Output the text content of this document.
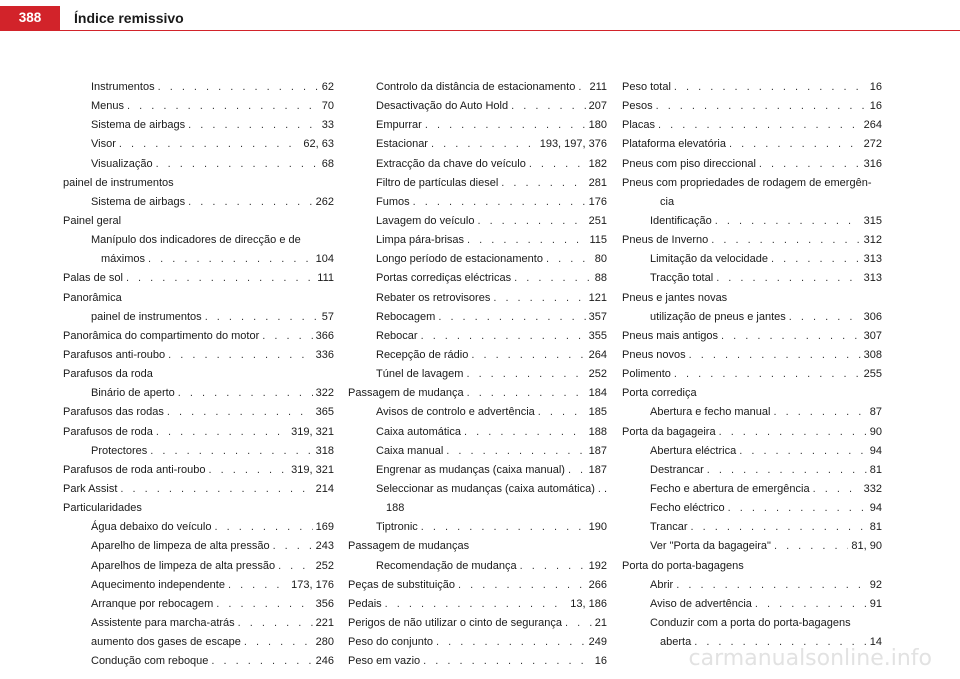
388	Índice remissivo
Instrumentos . . .	62
Menus . . .	70
Sistema de airbags . . .	33
Visor . . .	62, 63
Visualização . . .	68
painel de instrumentos
Sistema de airbags . . .	262
Painel geral
Manípulo dos indicadores de direcção e de
máximos . . .	104
Palas de sol . . .	111
Panorâmica
painel de instrumentos . . .	57
Panorâmica do compartimento do motor . . .	366
Parafusos anti-roubo . . .	336
Parafusos da roda
Binário de aperto . . .	322
Parafusos das rodas . . .	365
Parafusos de roda . . .	319, 321
Protectores . . .	318
Parafusos de roda anti-roubo . . .	319, 321
Park Assist . . .	214
Particularidades
Água debaixo do veículo . . .	169
Aparelho de limpeza de alta pressão . . .	243
Aparelhos de limpeza de alta pressão . . .	252
Aquecimento independente . . .	173, 176
Arranque por rebocagem . . .	356
Assistente para marcha-atrás . . .	221
aumento dos gases de escape . . .	280
Condução com reboque . . .	246
Controlo da distância de estacionamento . . . 211
Desactivação do Auto Hold . . .	207
Empurrar . . .	180
Estacionar . . .	193, 197, 376
Extracção da chave do veículo . . .	182
Filtro de partículas diesel . . .	281
Fumos . . .	176
Lavagem do veículo . . .	251
Limpa pára-brisas . . .	115
Longo período de estacionamento . . .	80
Portas corrediças eléctricas . . .	88
Rebater os retrovisores . . .	121
Rebocagem . . .	357
Rebocar . . .	355
Recepção de rádio . . .	264
Túnel de lavagem . . .	252
Passagem de mudança . . .	184
Avisos de controlo e advertência . . .	185
Caixa automática . . .	188
Caixa manual . . .	187
Engrenar as mudanças (caixa manual) . . . 187
Seleccionar as mudanças (caixa automática) . . . .
188
Tiptronic . . .	190
Passagem de mudanças
Recomendação de mudança . . .	192
Peças de substituição . . .	266
Pedais . . .	13, 186
Perigos de não utilizar o cinto de segurança . . .	21
Peso do conjunto . . .	249
Peso em vazio . . .	16
Peso total . . .	16
Pesos . . .	16
Placas . . .	264
Plataforma elevatória . . .	272
Pneus com piso direccional . . .	316
Pneus com propriedades de rodagem de emergên-
cia
Identificação . . .	315
Pneus de Inverno . . .	312
Limitação da velocidade . . .	313
Tracção total . . .	313
Pneus e jantes novas
utilização de pneus e jantes . . .	306
Pneus mais antigos . . .	307
Pneus novos . . .	308
Polimento . . .	255
Porta corrediça
Abertura e fecho manual . . .	87
Porta da bagageira . . .	90
Abertura eléctrica . . .	94
Destrancar . . .	81
Fecho e abertura de emergência . . .	332
Fecho eléctrico . . .	94
Trancar . . .	81
Ver "Porta da bagageira" . . .	81, 90
Porta do porta-bagagens
Abrir . . .	92
Aviso de advertência . . .	91
Conduzir com a porta do porta-bagagens
aberta . . .	14
carmanualsonline.info
